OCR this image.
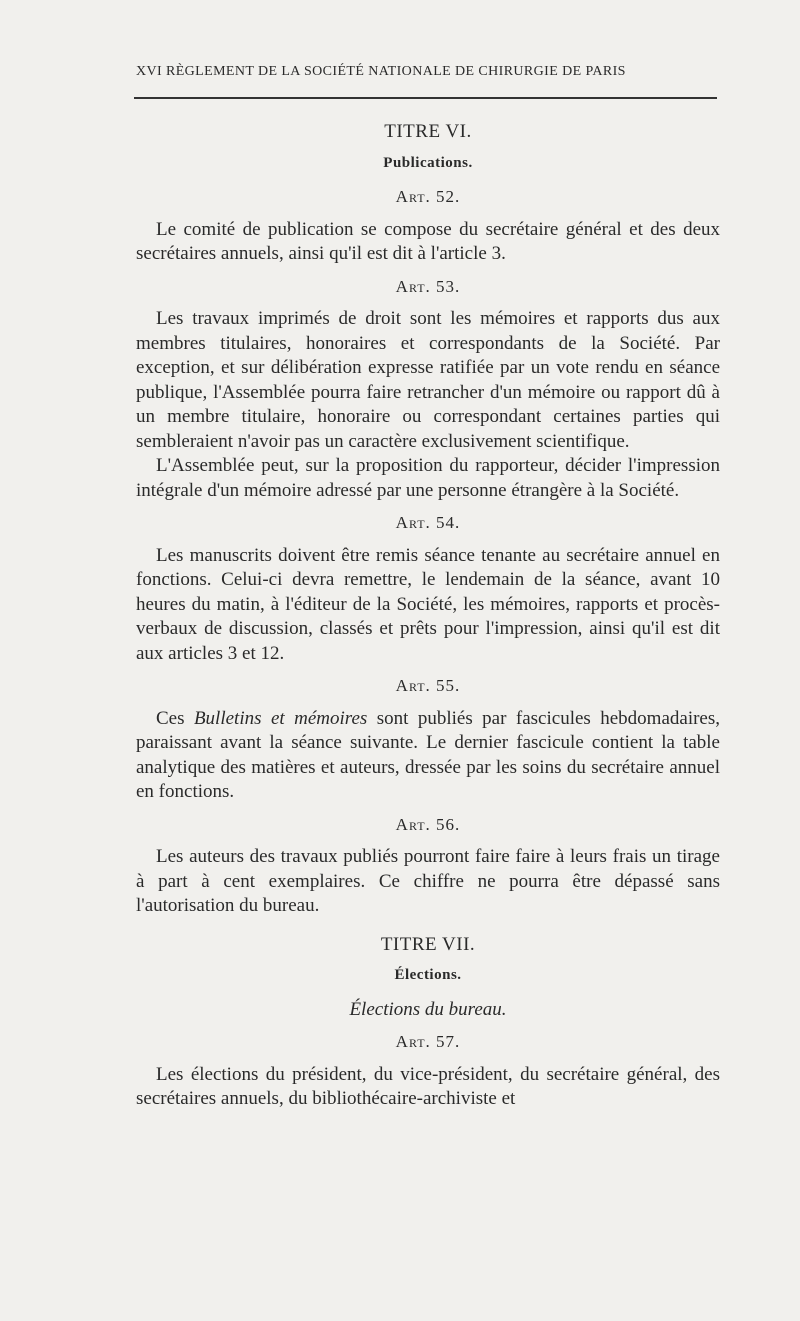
XVI RÈGLEMENT DE LA SOCIÉTÉ NATIONALE DE CHIRURGIE DE PARIS
TITRE VI.
Publications.
Art. 52.

Le comité de publication se compose du secrétaire général et des deux secrétaires annuels, ainsi qu'il est dit à l'article 3.

Art. 53.

Les travaux imprimés de droit sont les mémoires et rapports dus aux membres titulaires, honoraires et correspondants de la Société. Par exception, et sur délibération expresse ratifiée par un vote rendu en séance publique, l'Assemblée pourra faire retrancher d'un mémoire ou rapport dû à un membre titulaire, honoraire ou correspondant certaines parties qui sembleraient n'avoir pas un caractère exclusivement scientifique.

L'Assemblée peut, sur la proposition du rapporteur, décider l'impression intégrale d'un mémoire adressé par une personne étrangère à la Société.

Art. 54.

Les manuscrits doivent être remis séance tenante au secrétaire annuel en fonctions. Celui-ci devra remettre, le lendemain de la séance, avant 10 heures du matin, à l'éditeur de la Société, les mémoires, rapports et procès-verbaux de discussion, classés et prêts pour l'impression, ainsi qu'il est dit aux articles 3 et 12.

Art. 55.

Ces Bulletins et mémoires sont publiés par fascicules hebdomadaires, paraissant avant la séance suivante. Le dernier fascicule contient la table analytique des matières et auteurs, dressée par les soins du secrétaire annuel en fonctions.

Art. 56.

Les auteurs des travaux publiés pourront faire faire à leurs frais un tirage à part à cent exemplaires. Ce chiffre ne pourra être dépassé sans l'autorisation du bureau.

TITRE VII.
Élections.
Élections du bureau.
Art. 57.

Les élections du président, du vice-président, du secrétaire général, des secrétaires annuels, du bibliothécaire-archiviste et
